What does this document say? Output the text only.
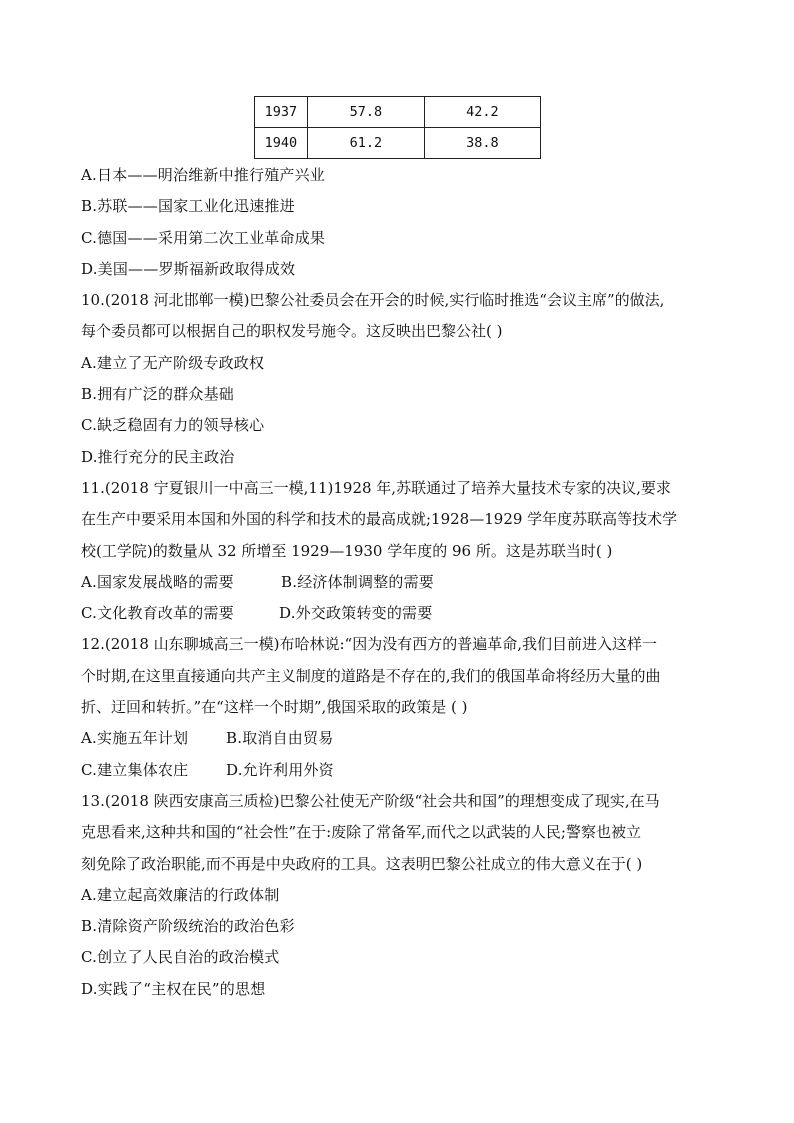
1937	57.8	42.2
1940	61.2	38.8
A.日本——明治维新中推行殖产兴业
B.苏联——国家工业化迅速推进
C.德国——采用第二次工业革命成果
D.美国——罗斯福新政取得成效
10.(2018 河北邯郸一模)巴黎公社委员会在开会的时候,实行临时推选“会议主席”的做法,
每个委员都可以根据自己的职权发号施令。这反映出巴黎公社( )
A.建立了无产阶级专政政权
B.拥有广泛的群众基础
C.缺乏稳固有力的领导核心
D.推行充分的民主政治
11.(2018 宁夏银川一中高三一模,11)1928 年,苏联通过了培养大量技术专家的决议,要求
在生产中要采用本国和外国的科学和技术的最高成就;1928—1929 学年度苏联高等技术学
校(工学院)的数量从 32 所增至 1929—1930 学年度的 96 所。这是苏联当时( )
A.国家发展战略的需要	B.经济体制调整的需要
C.文化教育改革的需要	D.外交政策转变的需要
12.(2018 山东聊城高三一模)布哈林说:“因为没有西方的普遍革命,我们目前进入这样一
个时期,在这里直接通向共产主义制度的道路是不存在的,我们的俄国革命将经历大量的曲
折、迂回和转折。”在“这样一个时期”,俄国采取的政策是 ( )
A.实施五年计划	B.取消自由贸易
C.建立集体农庄	D.允许利用外资
13.(2018 陕西安康高三质检)巴黎公社使无产阶级“社会共和国”的理想变成了现实,在马
克思看来,这种共和国的“社会性”在于:废除了常备军,而代之以武装的人民;警察也被立
刻免除了政治职能,而不再是中央政府的工具。这表明巴黎公社成立的伟大意义在于( )
A.建立起高效廉洁的行政体制
B.清除资产阶级统治的政治色彩
C.创立了人民自治的政治模式
D.实践了“主权在民”的思想
